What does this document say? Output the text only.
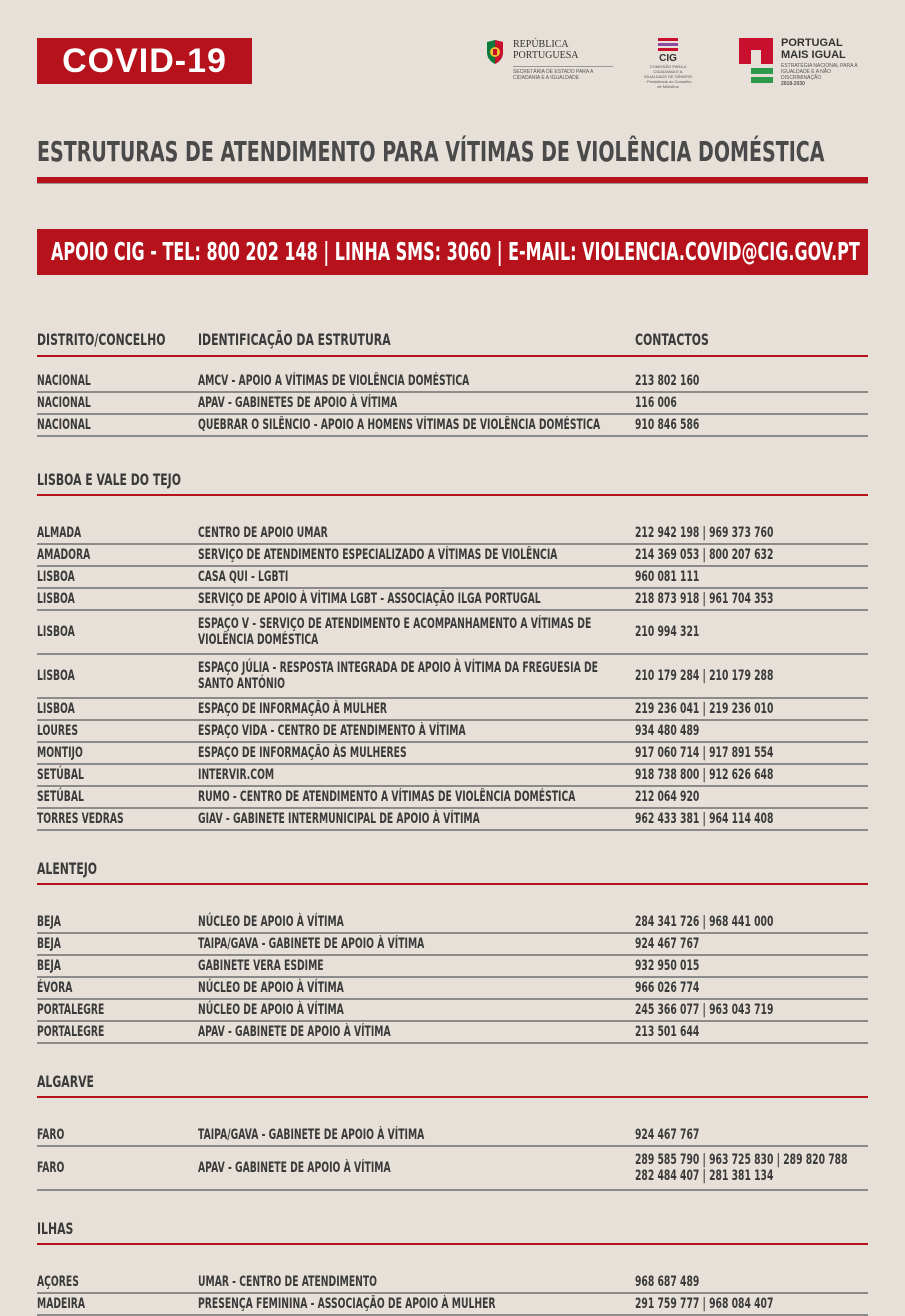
COVID-19	REPÚBLICA
PORTUGUESA
SECRETÁRIA DE ESTADO PARA A CIDADANIA E A IGUALDADE
CIG
COMISSÃO PARA A CIDADANIA E A IGUALDADE DE GÉNERO · Presidência do Conselho de Ministros
PORTUGAL
MAIS IGUAL
ESTRATÉGIA NACIONAL PARA A IGUALDADE E A NÃO DISCRIMINAÇÃO
2018-2030
ESTRUTURAS DE ATENDIMENTO PARA VÍTIMAS DE VIOLÊNCIA DOMÉSTICA
APOIO CIG - TEL: 800 202 148 | LINHA SMS: 3060 | E-MAIL: VIOLENCIA.COVID@CIG.GOV.PT
DISTRITO/CONCELHO	IDENTIFICAÇÃO DA ESTRUTURA	CONTACTOS
NACIONAL	AMCV - APOIO A VÍTIMAS DE VIOLÊNCIA DOMÉSTICA	213 802 160
NACIONAL	APAV - GABINETES DE APOIO À VÍTIMA	116 006
NACIONAL	QUEBRAR O SILÊNCIO - APOIO A HOMENS VÍTIMAS DE VIOLÊNCIA DOMÉSTICA	910 846 586
LISBOA E VALE DO TEJO
ALMADA	CENTRO DE APOIO UMAR	212 942 198 | 969 373 760
AMADORA	SERVIÇO DE ATENDIMENTO ESPECIALIZADO A VÍTIMAS DE VIOLÊNCIA	214 369 053 | 800 207 632
LISBOA	CASA QUI - LGBTI	960 081 111
LISBOA	SERVIÇO DE APOIO À VÍTIMA LGBT - ASSOCIAÇÃO ILGA PORTUGAL	218 873 918 | 961 704 353
LISBOA	ESPAÇO V - SERVIÇO DE ATENDIMENTO E ACOMPANHAMENTO A VÍTIMAS DE
VIOLÊNCIA DOMÉSTICA	210 994 321
LISBOA	ESPAÇO JÚLIA - RESPOSTA INTEGRADA DE APOIO À VÍTIMA DA FREGUESIA DE
SANTO ANTÓNIO	210 179 284 | 210 179 288
LISBOA	ESPAÇO DE INFORMAÇÃO À MULHER	219 236 041 | 219 236 010
LOURES	ESPAÇO VIDA - CENTRO DE ATENDIMENTO À VÍTIMA	934 480 489
MONTIJO	ESPAÇO DE INFORMAÇÃO ÀS MULHERES	917 060 714 | 917 891 554
SETÚBAL	INTERVIR.COM	918 738 800 | 912 626 648
SETÚBAL	RUMO - CENTRO DE ATENDIMENTO A VÍTIMAS DE VIOLÊNCIA DOMÉSTICA	212 064 920
TORRES VEDRAS	GIAV - GABINETE INTERMUNICIPAL DE APOIO À VÍTIMA	962 433 381 | 964 114 408
ALENTEJO
BEJA	NÚCLEO DE APOIO À VÍTIMA	284 341 726 | 968 441 000
BEJA	TAIPA/GAVA - GABINETE DE APOIO À VÍTIMA	924 467 767
BEJA	GABINETE VERA ESDIME	932 950 015
ÉVORA	NÚCLEO DE APOIO À VÍTIMA	966 026 774
PORTALEGRE	NÚCLEO DE APOIO À VÍTIMA	245 366 077 | 963 043 719
PORTALEGRE	APAV - GABINETE DE APOIO À VÍTIMA	213 501 644
ALGARVE
FARO	TAIPA/GAVA - GABINETE DE APOIO À VÍTIMA	924 467 767
FARO	APAV - GABINETE DE APOIO À VÍTIMA	289 585 790 | 963 725 830 | 289 820 788
282 484 407 | 281 381 134
ILHAS
AÇORES	UMAR - CENTRO DE ATENDIMENTO	968 687 489
MADEIRA	PRESENÇA FEMININA - ASSOCIAÇÃO DE APOIO À MULHER	291 759 777 | 968 084 407
